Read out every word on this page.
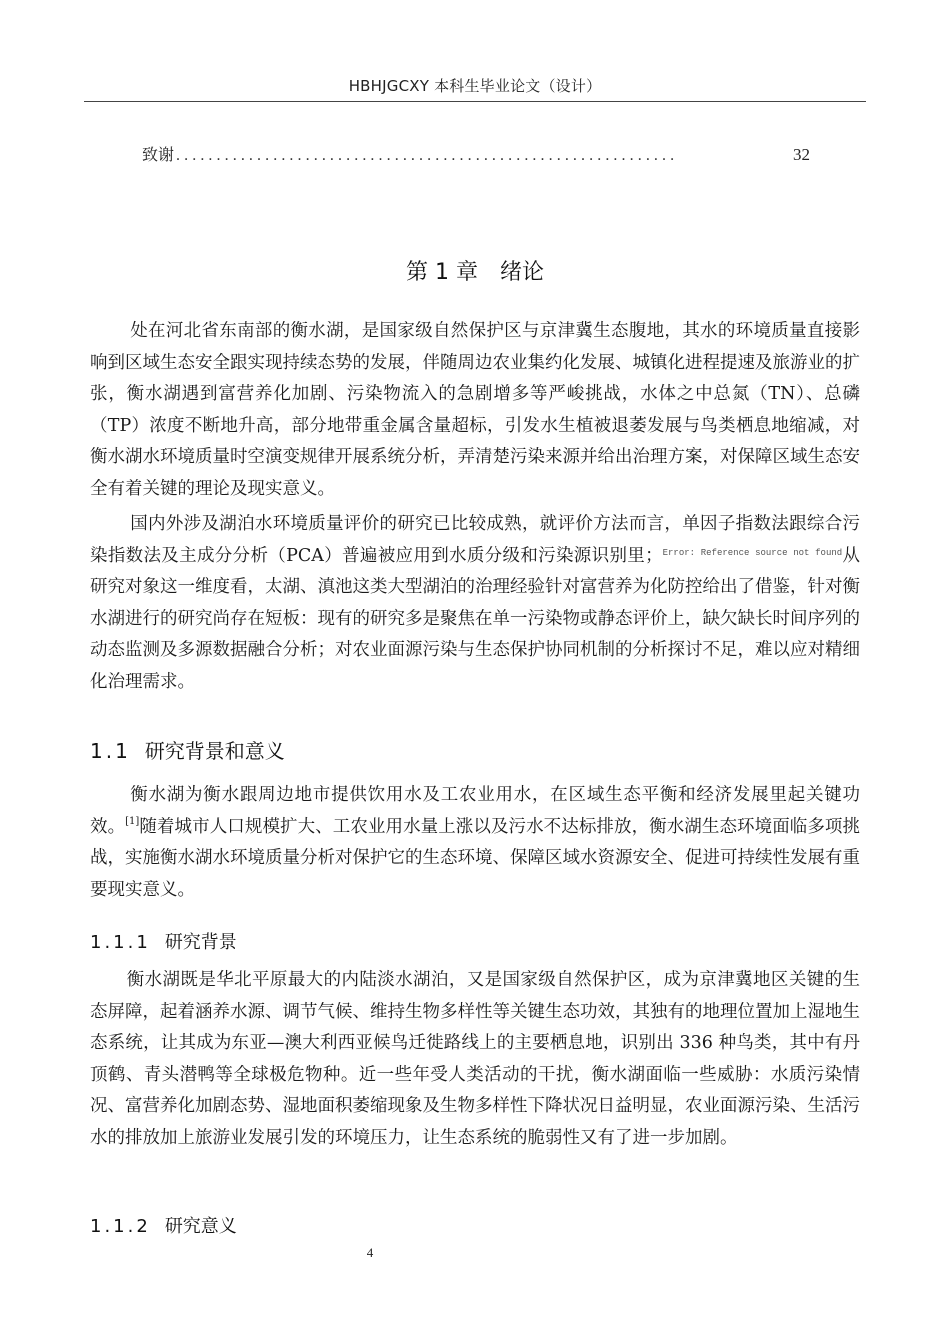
HBHJGCXY 本科生毕业论文（设计）
致谢 ..............................................................	32
第 1 章　绪论

处在河北省东南部的衡水湖，是国家级自然保护区与京津冀生态腹地，其水的环境质量直接影响到区域生态安全跟实现持续态势的发展，伴随周边农业集约化发展、城镇化进程提速及旅游业的扩张，衡水湖遇到富营养化加剧、污染物流入的急剧增多等严峻挑战，水体之中总氮（TN）、总磷（TP）浓度不断地升高，部分地带重金属含量超标，引发水生植被退萎发展与鸟类栖息地缩减，对衡水湖水环境质量时空演变规律开展系统分析，弄清楚污染来源并给出治理方案，对保障区域生态安全有着关键的理论及现实意义。

国内外涉及湖泊水环境质量评价的研究已比较成熟，就评价方法而言，单因子指数法跟综合污染指数法及主成分分析（PCA）普遍被应用到水质分级和污染源识别里；$^{Error: Reference source not found}$从研究对象这一维度看，太湖、滇池这类大型湖泊的治理经验针对富营养为化防控给出了借鉴，针对衡水湖进行的研究尚存在短板：现有的研究多是聚焦在单一污染物或静态评价上，缺欠缺长时间序列的动态监测及多源数据融合分析；对农业面源污染与生态保护协同机制的分析探讨不足，难以应对精细化治理需求。

1.1 研究背景和意义

衡水湖为衡水跟周边地市提供饮用水及工农业用水，在区域生态平衡和经济发展里起关键功效。[1]随着城市人口规模扩大、工农业用水量上涨以及污水不达标排放，衡水湖生态环境面临多项挑战，实施衡水湖水环境质量分析对保护它的生态环境、保障区域水资源安全、促进可持续性发展有重要现实意义。

1.1.1 研究背景

衡水湖既是华北平原最大的内陆淡水湖泊，又是国家级自然保护区，成为京津冀地区关键的生态屏障，起着涵养水源、调节气候、维持生物多样性等关键生态功效，其独有的地理位置加上湿地生态系统，让其成为东亚—澳大利西亚候鸟迁徙路线上的主要栖息地，识别出 336 种鸟类，其中有丹顶鹤、青头潜鸭等全球极危物种。近一些年受人类活动的干扰，衡水湖面临一些威胁：水质污染情况、富营养化加剧态势、湿地面积萎缩现象及生物多样性下降状况日益明显，农业面源污染、生活污水的排放加上旅游业发展引发的环境压力，让生态系统的脆弱性又有了进一步加剧。

1.1.2 研究意义
4
